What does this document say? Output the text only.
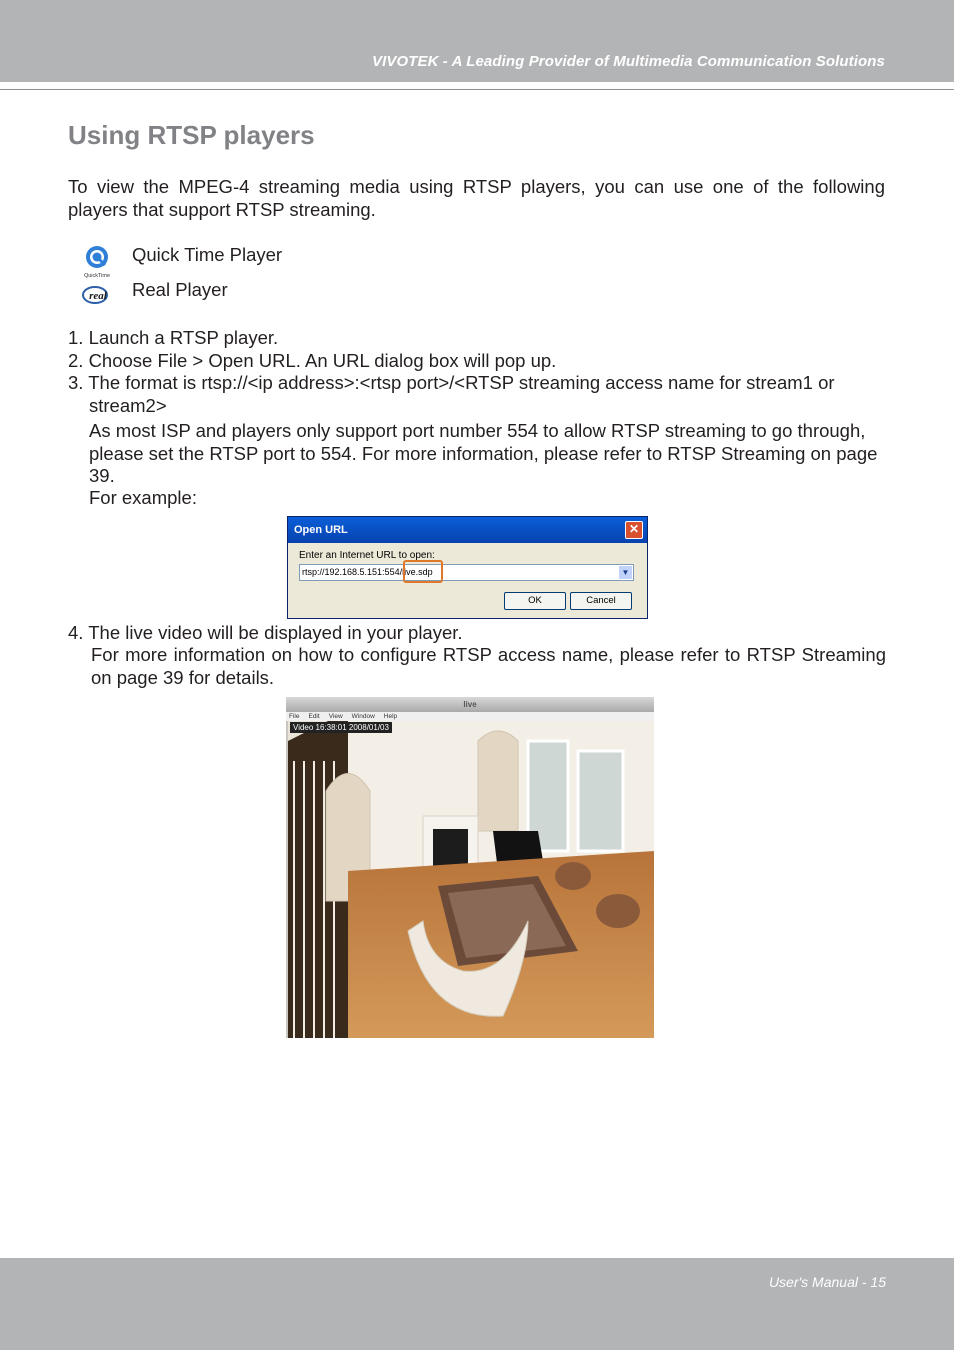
VIVOTEK - A Leading Provider of Multimedia Communication Solutions
Using RTSP players
To view the MPEG-4 streaming media using RTSP players, you can use one of the following players that support RTSP streaming.
QuickTime
Quick Time Player
real Real Player
1. Launch a RTSP player.
2. Choose File > Open URL. An URL dialog box will pop up.
3. The format is rtsp://<ip address>:<rtsp port>/<RTSP streaming access name for stream1 or
stream2>
As most ISP and players only support port number 554 to allow RTSP streaming to go through, please set the RTSP port to 554. For more information, please refer to RTSP Streaming on page 39.
For example:
Open URL	✕
Enter an Internet URL to open:
rtsp://192.168.5.151:554/live.sdp	▼
OK	Cancel
4. The live video will be displayed in your player.
For more information on how to configure RTSP access name, please refer to RTSP Streaming on page 39 for details.
live
File Edit View Window Help
Video 16:38:01 2008/01/03
User's Manual - 15
